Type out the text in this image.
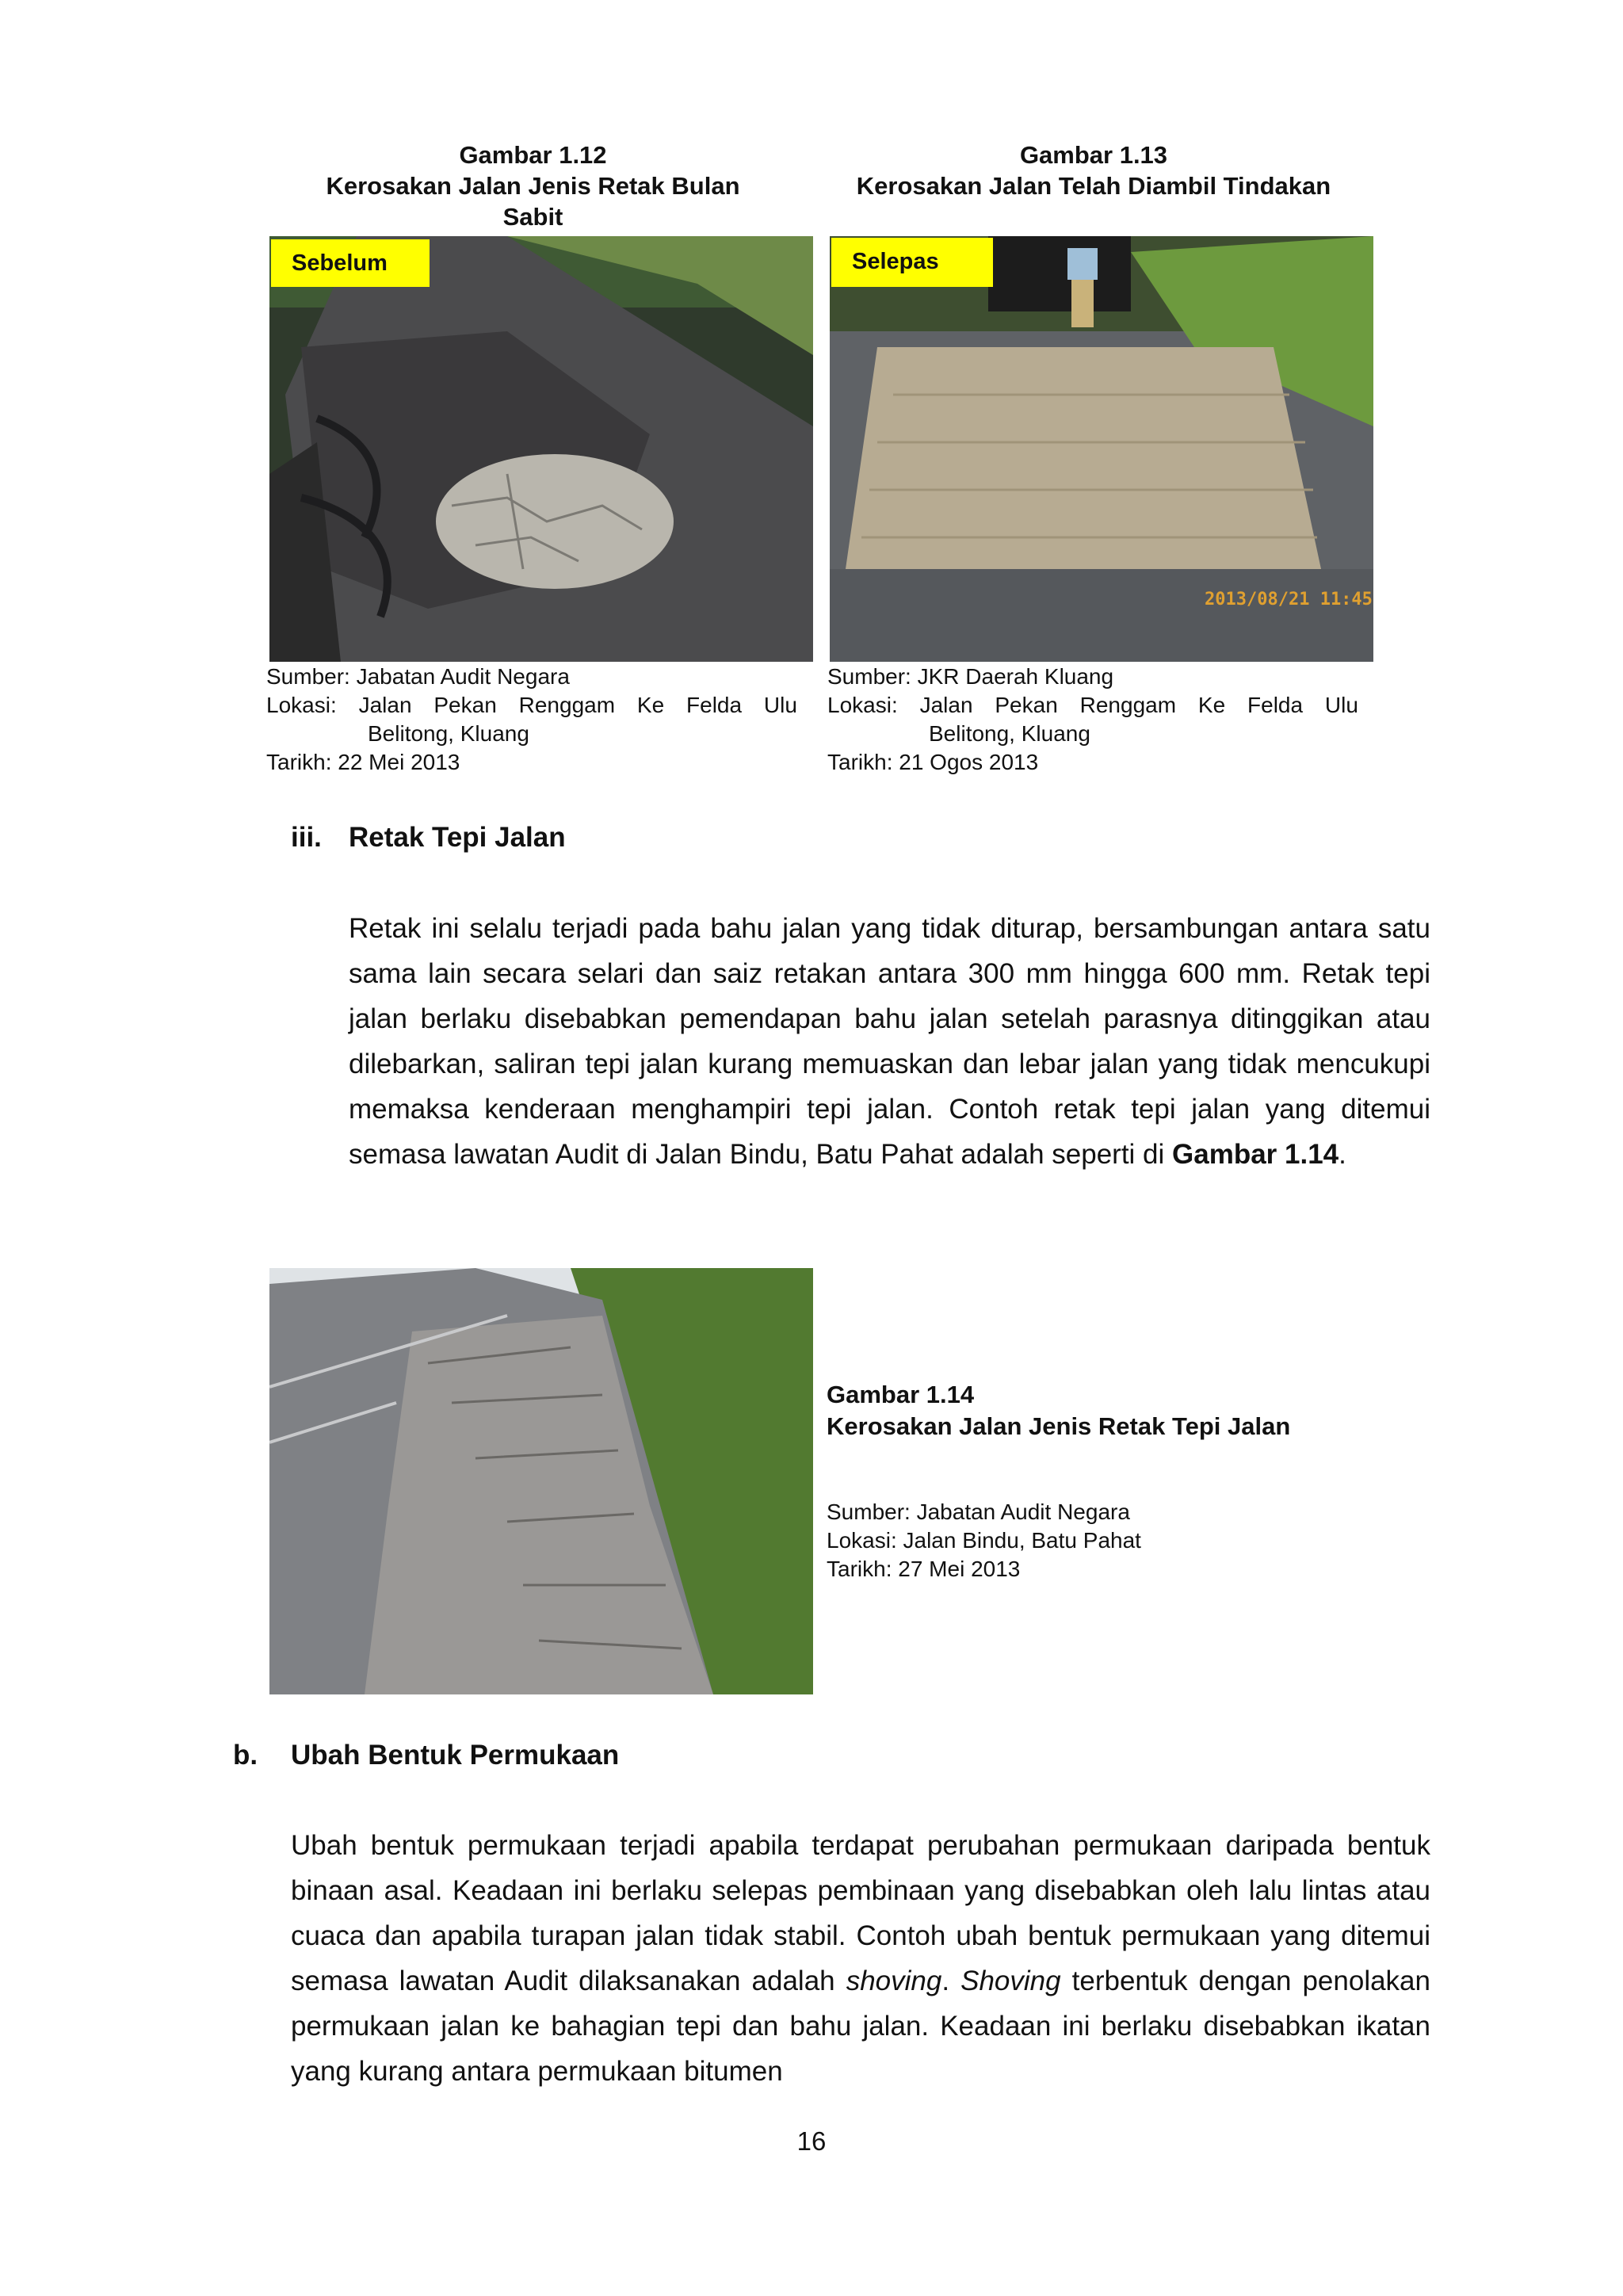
Gambar 1.12
Kerosakan Jalan Jenis Retak Bulan
Sabit
Gambar 1.13
Kerosakan Jalan Telah Diambil Tindakan
Sebelum	Selepas
2013/08/21 11:45
Sumber: Jabatan Audit Negara
Lokasi: Jalan Pekan Renggam Ke Felda Ulu
Belitong, Kluang
Tarikh: 22 Mei 2013
Sumber: JKR Daerah Kluang
Lokasi: Jalan Pekan Renggam Ke Felda Ulu
Belitong, Kluang
Tarikh: 21 Ogos 2013
iii. Retak Tepi Jalan
Retak ini selalu terjadi pada bahu jalan yang tidak diturap, bersambungan antara satu sama lain secara selari dan saiz retakan antara 300 mm hingga 600 mm. Retak tepi jalan berlaku disebabkan pemendapan bahu jalan setelah parasnya ditinggikan atau dilebarkan, saliran tepi jalan kurang memuaskan dan lebar jalan yang tidak mencukupi memaksa kenderaan menghampiri tepi jalan. Contoh retak tepi jalan yang ditemui semasa lawatan Audit di Jalan Bindu, Batu Pahat adalah seperti di Gambar 1.14.
Gambar 1.14
Kerosakan Jalan Jenis Retak Tepi Jalan
Sumber: Jabatan Audit Negara
Lokasi: Jalan Bindu, Batu Pahat
Tarikh: 27 Mei 2013
b. Ubah Bentuk Permukaan
Ubah bentuk permukaan terjadi apabila terdapat perubahan permukaan daripada bentuk binaan asal. Keadaan ini berlaku selepas pembinaan yang disebabkan oleh lalu lintas atau cuaca dan apabila turapan jalan tidak stabil. Contoh ubah bentuk permukaan yang ditemui semasa lawatan Audit dilaksanakan adalah shoving. Shoving terbentuk dengan penolakan permukaan jalan ke bahagian tepi dan bahu jalan. Keadaan ini berlaku disebabkan ikatan yang kurang antara permukaan bitumen
16
